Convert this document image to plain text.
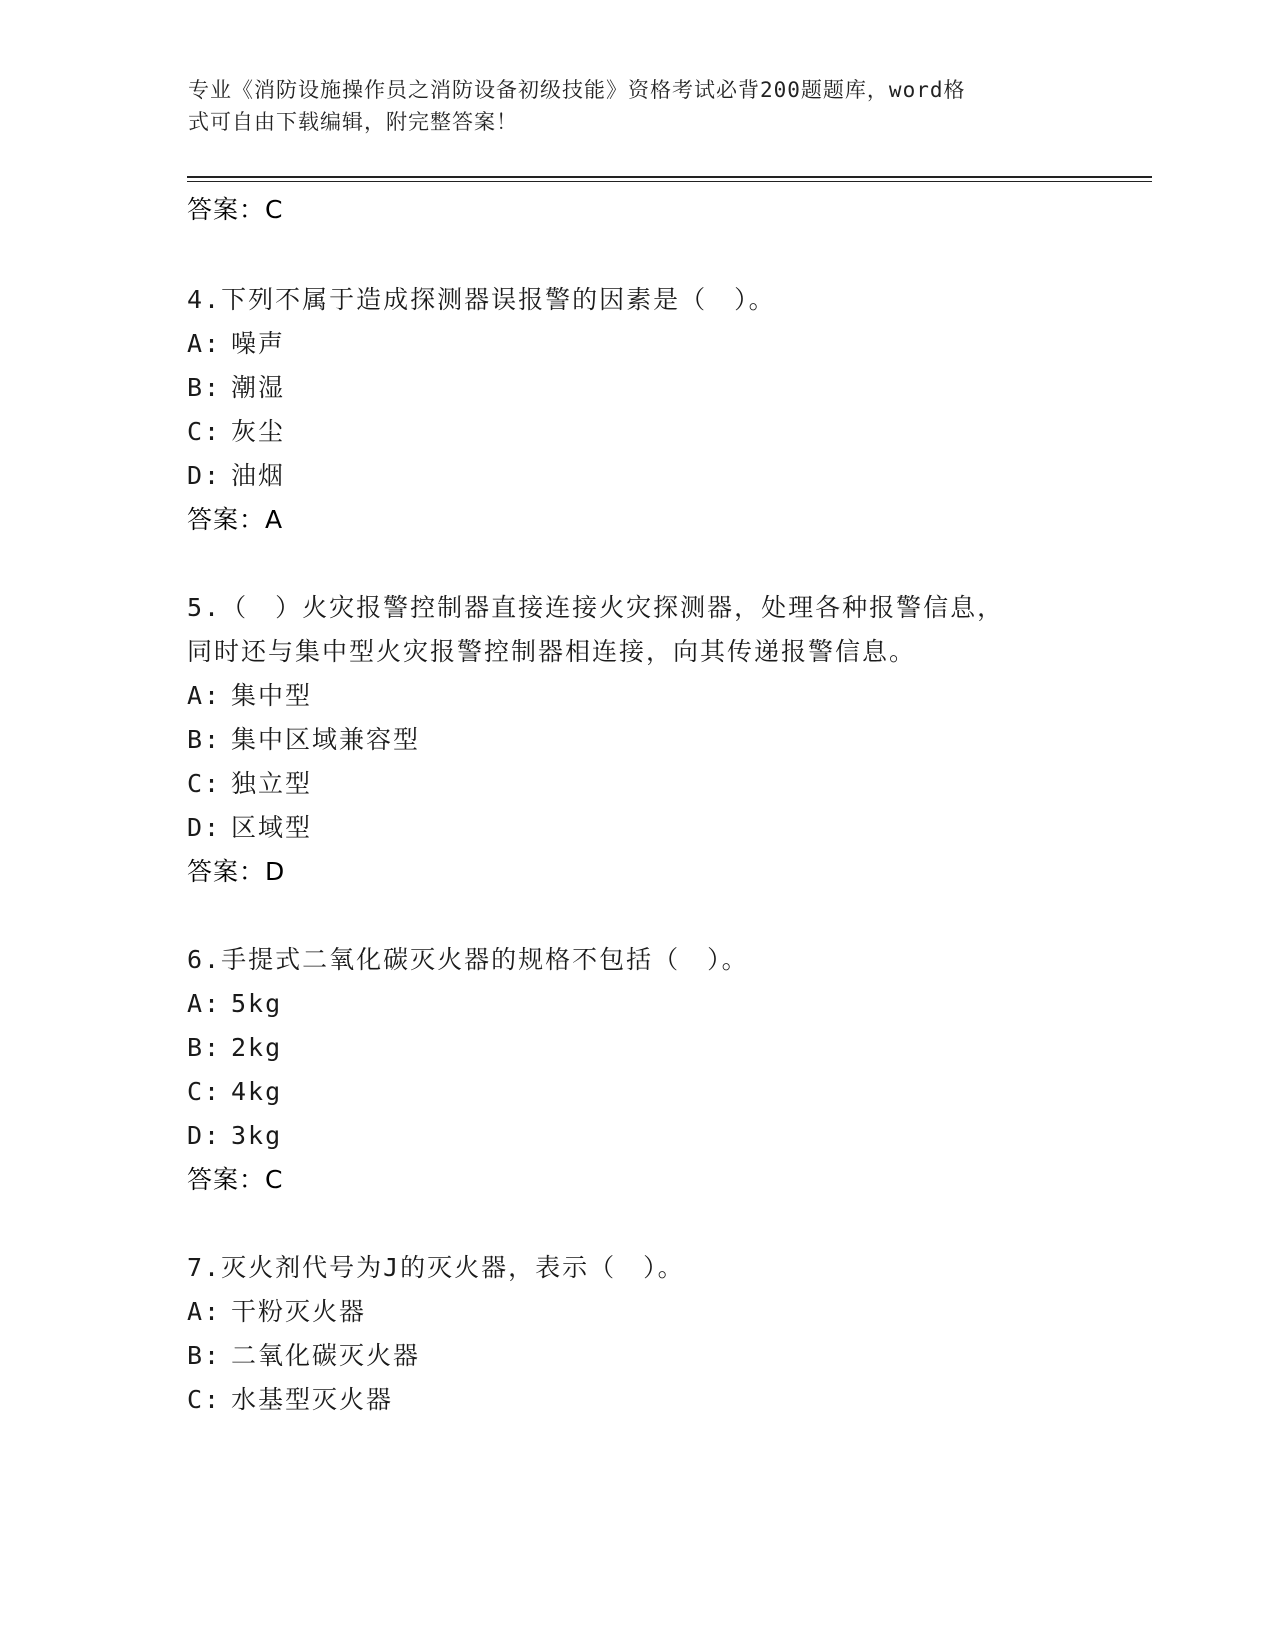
专业《消防设施操作员之消防设备初级技能》资格考试必背200题题库，word格
式可自由下载编辑，附完整答案！
答案：C
4.下列不属于造成探测器误报警的因素是（　）。
A: 噪声
B: 潮湿
C: 灰尘
D: 油烟
答案：A
5.（　）火灾报警控制器直接连接火灾探测器，处理各种报警信息，
同时还与集中型火灾报警控制器相连接，向其传递报警信息。
A: 集中型
B: 集中区域兼容型
C: 独立型
D: 区域型
答案：D
6.手提式二氧化碳灭火器的规格不包括（　）。
A: 5kg
B: 2kg
C: 4kg
D: 3kg
答案：C
7.灭火剂代号为J的灭火器，表示（　）。
A: 干粉灭火器
B: 二氧化碳灭火器
C: 水基型灭火器
